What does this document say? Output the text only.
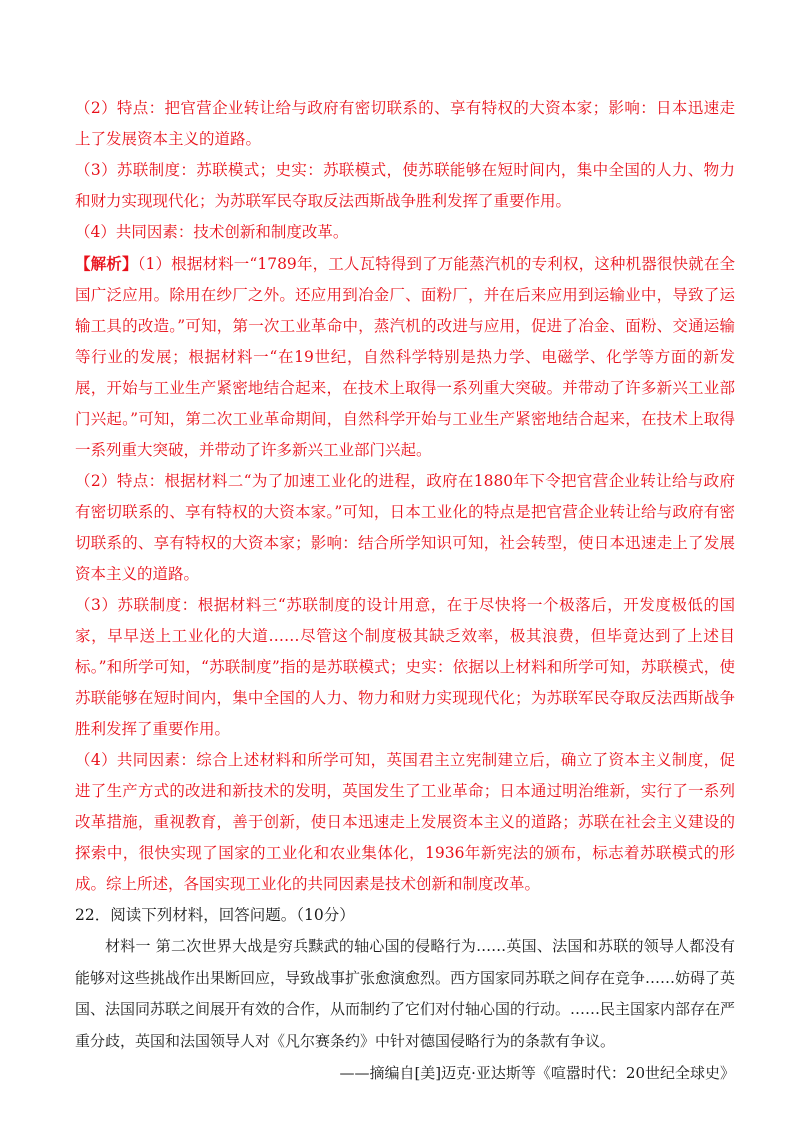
（2）特点：把官营企业转让给与政府有密切联系的、享有特权的大资本家；影响：日本迅速走上了发展资本主义的道路。

（3）苏联制度：苏联模式；史实：苏联模式，使苏联能够在短时间内，集中全国的人力、物力和财力实现现代化；为苏联军民夺取反法西斯战争胜利发挥了重要作用。

（4）共同因素：技术创新和制度改革。

【解析】（1）根据材料一“1789年，工人瓦特得到了万能蒸汽机的专利权，这种机器很快就在全国广泛应用。除用在纱厂之外。还应用到冶金厂、面粉厂，并在后来应用到运输业中，导致了运输工具的改造。”可知，第一次工业革命中，蒸汽机的改进与应用，促进了冶金、面粉、交通运输等行业的发展；根据材料一“在19世纪，自然科学特别是热力学、电磁学、化学等方面的新发展，开始与工业生产紧密地结合起来，在技术上取得一系列重大突破。并带动了许多新兴工业部门兴起。”可知，第二次工业革命期间，自然科学开始与工业生产紧密地结合起来，在技术上取得一系列重大突破，并带动了许多新兴工业部门兴起。

（2）特点：根据材料二“为了加速工业化的进程，政府在1880年下令把官营企业转让给与政府有密切联系的、享有特权的大资本家。”可知，日本工业化的特点是把官营企业转让给与政府有密切联系的、享有特权的大资本家；影响：结合所学知识可知，社会转型，使日本迅速走上了发展资本主义的道路。

（3）苏联制度：根据材料三“苏联制度的设计用意，在于尽快将一个极落后，开发度极低的国家，早早送上工业化的大道……尽管这个制度极其缺乏效率，极其浪费，但毕竟达到了上述目标。”和所学可知，“苏联制度”指的是苏联模式；史实：依据以上材料和所学可知，苏联模式，使苏联能够在短时间内，集中全国的人力、物力和财力实现现代化；为苏联军民夺取反法西斯战争胜利发挥了重要作用。

（4）共同因素：综合上述材料和所学可知，英国君主立宪制建立后，确立了资本主义制度，促进了生产方式的改进和新技术的发明，英国发生了工业革命；日本通过明治维新，实行了一系列改革措施，重视教育，善于创新，使日本迅速走上发展资本主义的道路；苏联在社会主义建设的探索中，很快实现了国家的工业化和农业集体化，1936年新宪法的颁布，标志着苏联模式的形成。综上所述，各国实现工业化的共同因素是技术创新和制度改革。

22．阅读下列材料，回答问题。（10分）

材料一 第二次世界大战是穷兵黩武的轴心国的侵略行为……英国、法国和苏联的领导人都没有能够对这些挑战作出果断回应，导致战事扩张愈演愈烈。西方国家同苏联之间存在竞争……妨碍了英国、法国同苏联之间展开有效的合作，从而制约了它们对付轴心国的行动。……民主国家内部存在严重分歧，英国和法国领导人对《凡尔赛条约》中针对德国侵略行为的条款有争议。

——摘编自[美]迈克·亚达斯等《喧嚣时代：20世纪全球史》
